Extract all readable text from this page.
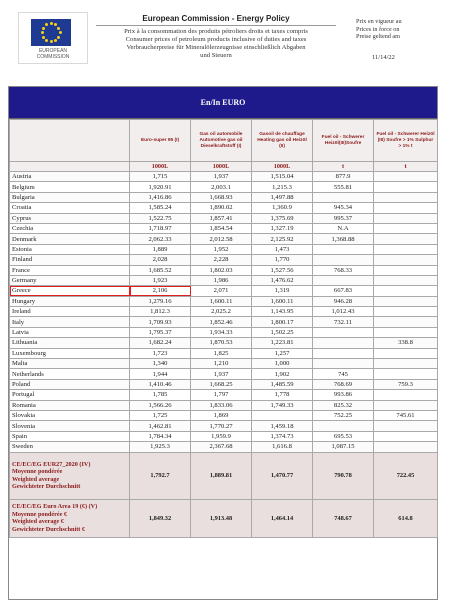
EUROPEAN
COMMISSION
European Commission - Energy Policy
Prix à la consommation des produits pétroliers droits et taxes compris
Consumer prices of petroleum products inclusive of duties and taxes
Verbraucherpreise für Mineralölerzeugnisse einschließlich Abgaben
und Steuern
Prix en vigueur au
Prices in force on
Preise geltend am
11/14/22
En/In EURO
	Euro-super 95 (I)	Gas oil automobile Automotive gas oil Dieselkraftstoff (I)	Gasoil de chauffage Heating gas oil Heizöl (II)	Fuel oil - Schwerer Heizöl(III)Soufre	Fuel oil - Schwerer Heizöl (III) Soufre > 1% Sulphur > 1% t
	1000L	1000L	1000L	t	t
Austria	1,715	1,937	1,515.04	877.9	
Belgium	1,920.91	2,003.1	1,215.3	555.81	
Bulgaria	1,416.86	1,668.93	1,497.88		
Croatia	1,585.24	1,890.02	1,360.9	945.34	
Cyprus	1,522.75	1,857.41	1,375.69	995.37	
Czechia	1,718.97	1,854.54	1,327.19	N.A	
Denmark	2,062.33	2,012.58	2,125.92	1,368.88	
Estonia	1,889	1,952	1,473		
Finland	2,028	2,228	1,770		
France	1,685.52	1,802.03	1,527.56	768.33	
Germany	1,923	1,986	1,476.62		
Greece	2,106	2,071	1,319	667.83	
Hungary	1,279.16	1,600.11	1,600.11	946.28	
Ireland	1,812.3	2,025.2	1,143.95	1,012.43	
Italy	1,709.93	1,852.46	1,800.17	732.11	
Latvia	1,795.37	1,934.33	1,502.25		
Lithuania	1,682.24	1,870.53	1,223.81		338.8
Luxembourg	1,723	1,825	1,257		
Malta	1,340	1,210	1,000		
Netherlands	1,944	1,937	1,902	745	
Poland	1,410.46	1,668.25	1,485.59	768.69	759.3
Portugal	1,785	1,797	1,778	993.86	
Romania	1,566.26	1,833.06	1,749.33	825.32	
Slovakia	1,725	1,869		752.25	745.61
Slovenia	1,462.81	1,770.27	1,459.18		
Spain	1,784.34	1,959.9	1,374.73	695.53	
Sweden	1,925.3	2,367.68	1,616.8	1,087.15	

CE/EC/EG EUR27_2020 (IV)
Moyenne pondérée
Weighted average
Gewichteter Durchschnitt	1,792.7	1,889.81	1,470.77	790.78	722.45

CE/EC/EG Euro Area 19 (€) (V)
Moyenne pondérée €
Weighted average €
Gewichteter Durchschnitt €	1,849.32	1,913.48	1,464.14	748.67	614.8
